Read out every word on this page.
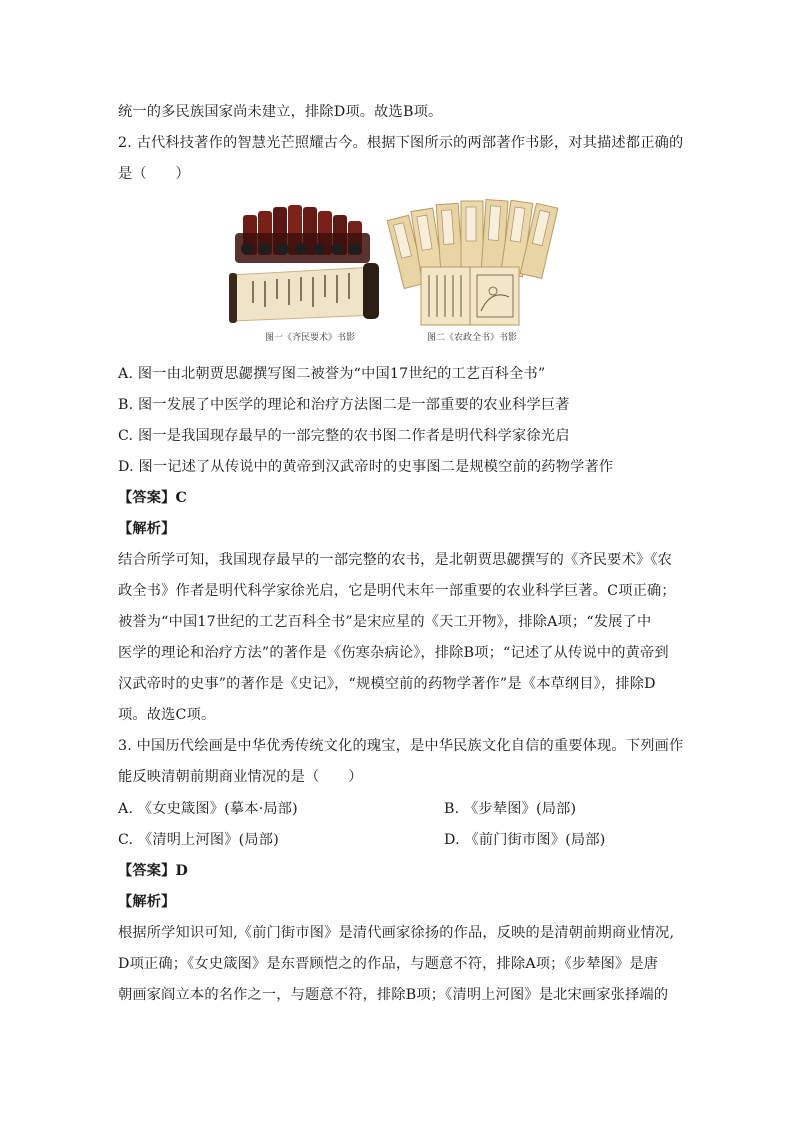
统一的多民族国家尚未建立，排除D项。故选B项。
2. 古代科技著作的智慧光芒照耀古今。根据下图所示的两部著作书影，对其描述都正确的
是（　　）
图一《齐民要术》书影	图二《农政全书》书影
A. 图一由北朝贾思勰撰写图二被誉为“中国17世纪的工艺百科全书”
B. 图一发展了中医学的理论和治疗方法图二是一部重要的农业科学巨著
C. 图一是我国现存最早的一部完整的农书图二作者是明代科学家徐光启
D. 图一记述了从传说中的黄帝到汉武帝时的史事图二是规模空前的药物学著作
【答案】C
【解析】
结合所学可知，我国现存最早的一部完整的农书，是北朝贾思勰撰写的《齐民要术》《农
政全书》作者是明代科学家徐光启，它是明代末年一部重要的农业科学巨著。C项正确；
被誉为“中国17世纪的工艺百科全书”是宋应星的《天工开物》，排除A项；“发展了中
医学的理论和治疗方法”的著作是《伤寒杂病论》，排除B项；“记述了从传说中的黄帝到
汉武帝时的史事”的著作是《史记》，“规模空前的药物学著作”是《本草纲目》，排除D
项。故选C项。
3. 中国历代绘画是中华优秀传统文化的瑰宝，是中华民族文化自信的重要体现。下列画作
能反映清朝前期商业情况的是（　　）
A. 《女史箴图》(摹本·局部)	B. 《步辇图》(局部)
C. 《清明上河图》(局部)	D. 《前门街市图》(局部)
【答案】D
【解析】
根据所学知识可知,《前门街市图》是清代画家徐扬的作品，反映的是清朝前期商业情况,
D项正确；《女史箴图》是东晋顾恺之的作品，与题意不符，排除A项；《步辇图》是唐
朝画家阎立本的名作之一，与题意不符，排除B项；《清明上河图》是北宋画家张择端的
